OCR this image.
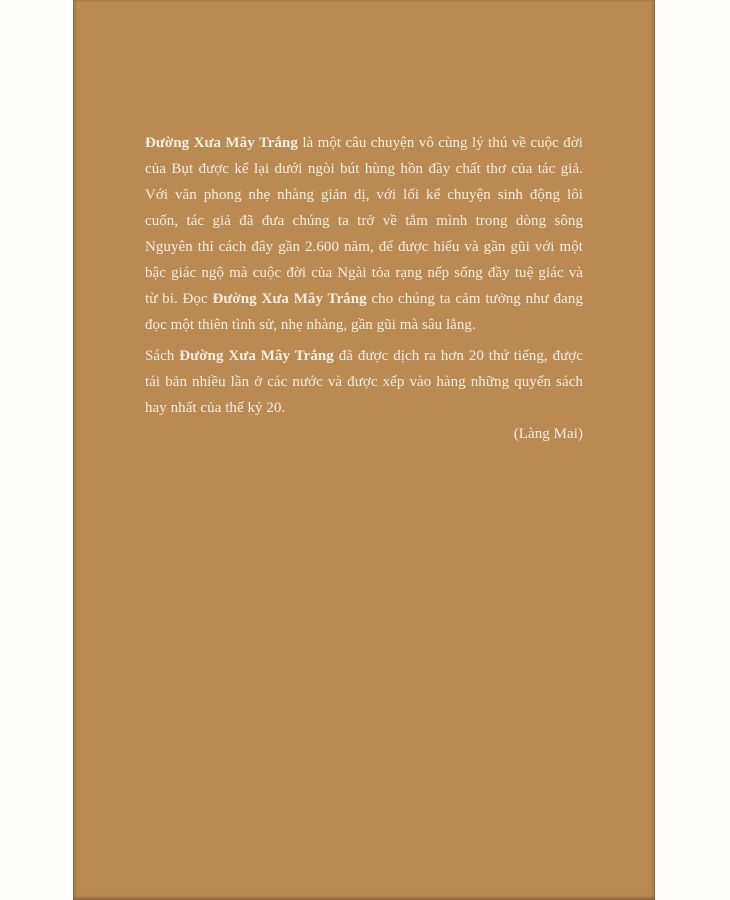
Đường Xưa Mây Trắng là một câu chuyện vô cùng lý thú về cuộc đời
của Bụt được kể lại dưới ngòi bút hùng hồn đầy chất thơ của tác giả.
Với văn phong nhẹ nhàng giản dị, với lối kể chuyện sinh động lôi
cuốn, tác giả đã đưa chúng ta trở về tắm mình trong dòng sông
Nguyên thỉ cách đây gần 2.600 năm, để được hiểu và gần gũi với một
bậc giác ngộ mà cuộc đời của Ngài tỏa rạng nếp sống đầy tuệ giác và
từ bi. Đọc Đường Xưa Mây Trắng cho chúng ta cảm tưởng như đang
đọc một thiên tình sử, nhẹ nhàng, gần gũi mà sâu lắng.
Sách Đường Xưa Mây Trắng đã được dịch ra hơn 20 thứ tiếng, được
tái bản nhiều lần ở các nước và được xếp vào hàng những quyển sách
hay nhất của thế kỷ 20.
(Làng Mai)
